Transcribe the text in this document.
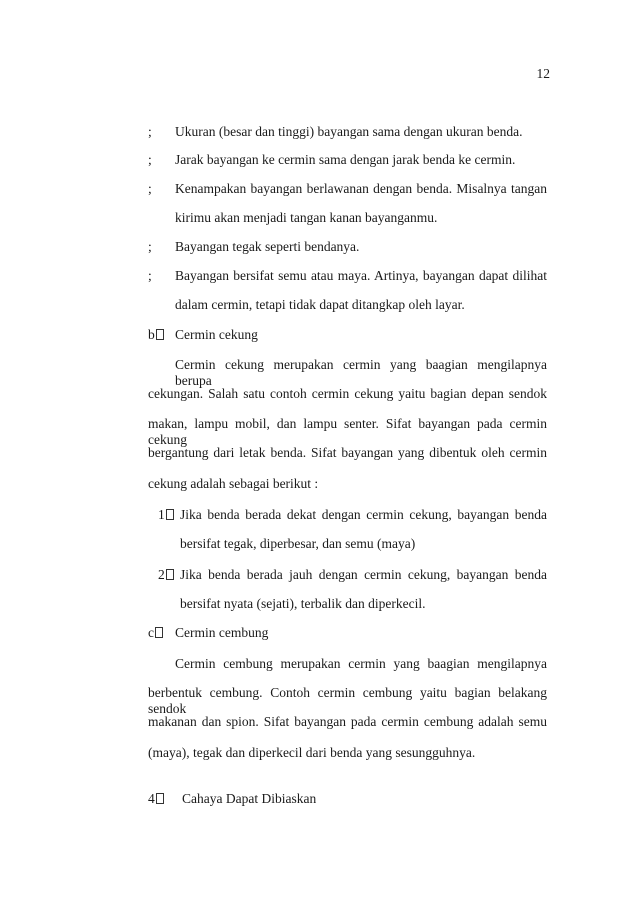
12
; Ukuran (besar dan tinggi) bayangan sama dengan ukuran benda.
; Jarak bayangan ke cermin sama dengan jarak benda ke cermin.
; Kenampakan bayangan berlawanan dengan benda. Misalnya tangan
kirimu akan menjadi tangan kanan bayanganmu.
; Bayangan tegak seperti bendanya.
; Bayangan bersifat semu atau maya. Artinya, bayangan dapat dilihat
dalam cermin, tetapi tidak dapat ditangkap oleh layar.
b Cermin cekung
Cermin cekung merupakan cermin yang baagian mengilapnya berupa
cekungan. Salah satu contoh cermin cekung yaitu bagian depan sendok
makan, lampu mobil, dan lampu senter. Sifat bayangan pada cermin cekung
bergantung dari letak benda. Sifat bayangan yang dibentuk oleh cermin
cekung adalah sebagai berikut :
1	Jika benda berada dekat dengan cermin cekung, bayangan benda
bersifat tegak, diperbesar, dan semu (maya)
2	Jika benda berada jauh dengan cermin cekung, bayangan benda
bersifat nyata (sejati), terbalik dan diperkecil.
c Cermin cembung
Cermin cembung merupakan cermin yang baagian mengilapnya
berbentuk cembung. Contoh cermin cembung yaitu bagian belakang sendok
makanan dan spion. Sifat bayangan pada cermin cembung adalah semu
(maya), tegak dan diperkecil dari benda yang sesungguhnya.
4 Cahaya Dapat Dibiaskan
